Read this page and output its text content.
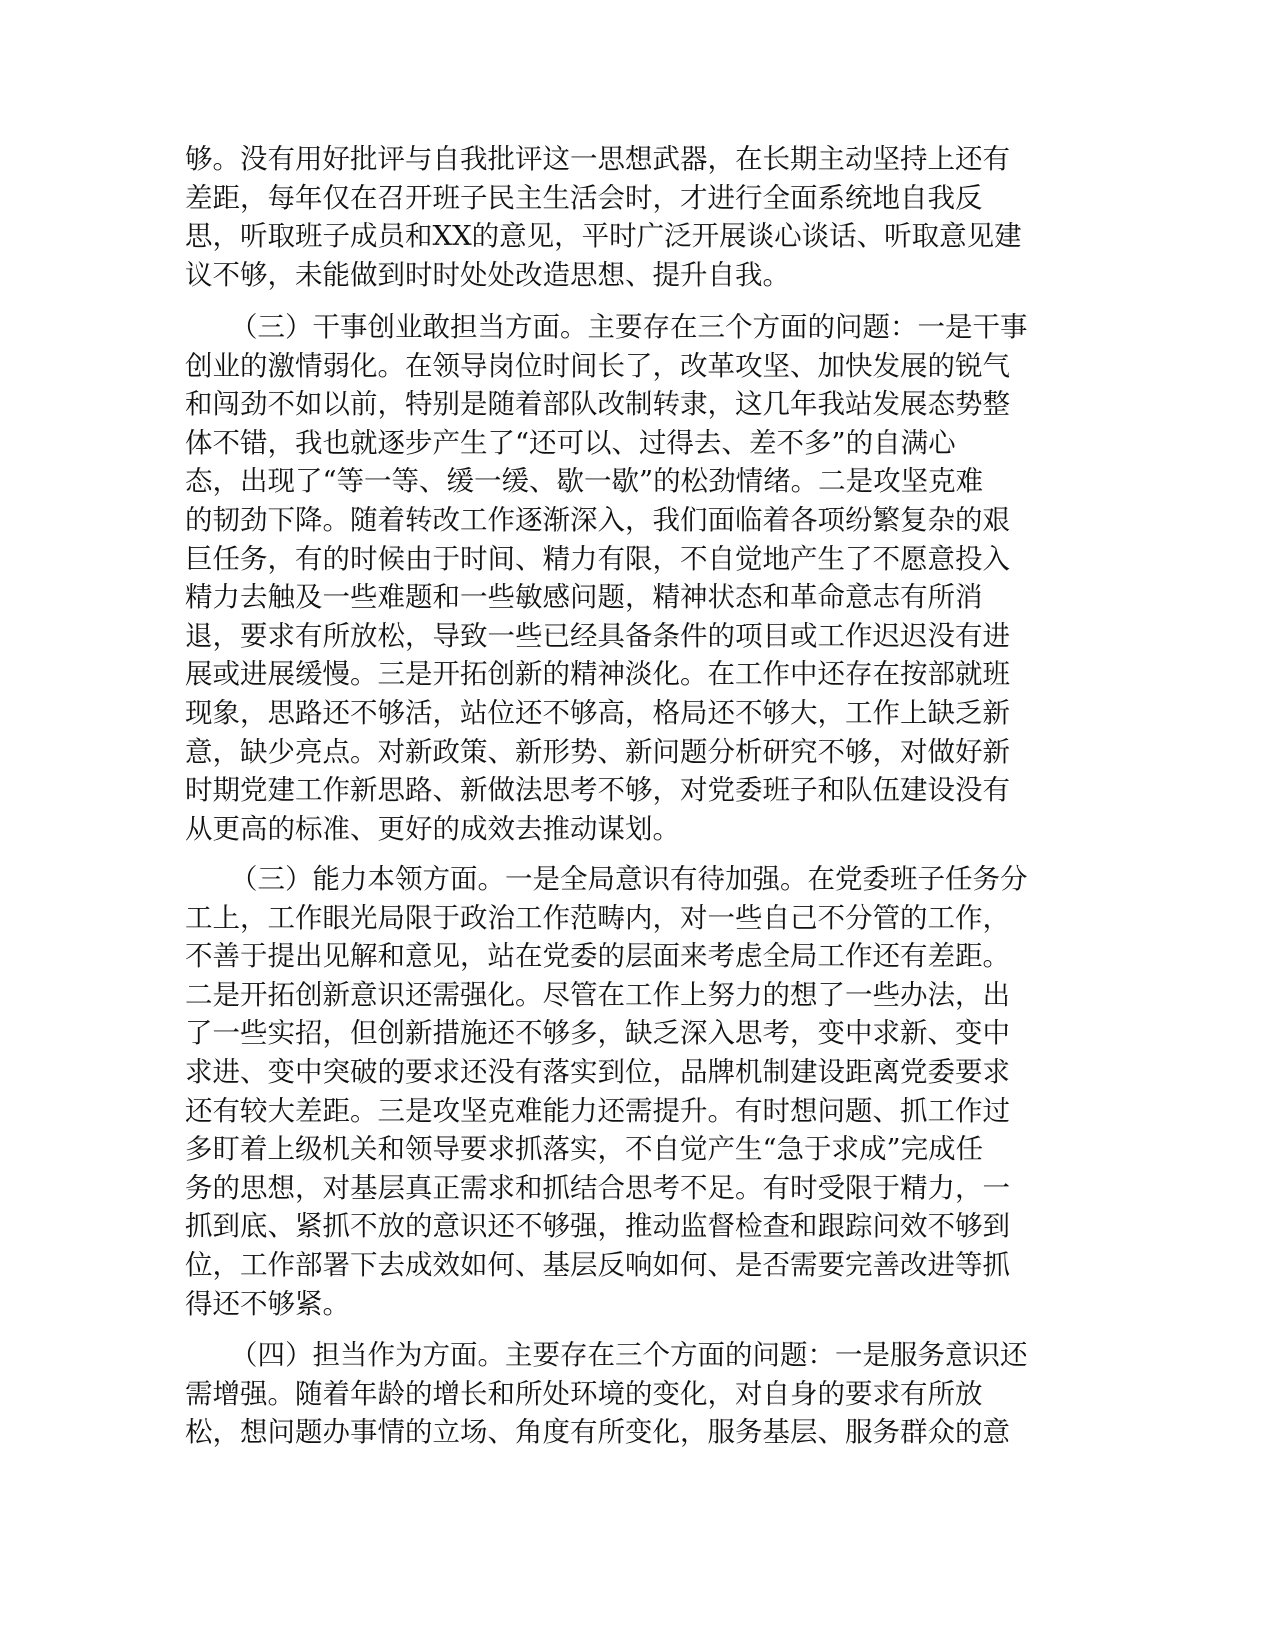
够。没有用好批评与自我批评这一思想武器，在长期主动坚持上还有
差距，每年仅在召开班子民主生活会时，才进行全面系统地自我反
思，听取班子成员和XX的意见，平时广泛开展谈心谈话、听取意见建
议不够，未能做到时时处处改造思想、提升自我。
（三）干事创业敢担当方面。主要存在三个方面的问题：一是干事
创业的激情弱化。在领导岗位时间长了，改革攻坚、加快发展的锐气
和闯劲不如以前，特别是随着部队改制转隶，这几年我站发展态势整
体不错，我也就逐步产生了“还可以、过得去、差不多”的自满心
态，出现了“等一等、缓一缓、歇一歇”的松劲情绪。二是攻坚克难
的韧劲下降。随着转改工作逐渐深入，我们面临着各项纷繁复杂的艰
巨任务，有的时候由于时间、精力有限，不自觉地产生了不愿意投入
精力去触及一些难题和一些敏感问题，精神状态和革命意志有所消
退，要求有所放松，导致一些已经具备条件的项目或工作迟迟没有进
展或进展缓慢。三是开拓创新的精神淡化。在工作中还存在按部就班
现象，思路还不够活，站位还不够高，格局还不够大，工作上缺乏新
意，缺少亮点。对新政策、新形势、新问题分析研究不够，对做好新
时期党建工作新思路、新做法思考不够，对党委班子和队伍建设没有
从更高的标准、更好的成效去推动谋划。
（三）能力本领方面。一是全局意识有待加强。在党委班子任务分
工上，工作眼光局限于政治工作范畴内，对一些自己不分管的工作，
不善于提出见解和意见，站在党委的层面来考虑全局工作还有差距。
二是开拓创新意识还需强化。尽管在工作上努力的想了一些办法，出
了一些实招，但创新措施还不够多，缺乏深入思考，变中求新、变中
求进、变中突破的要求还没有落实到位，品牌机制建设距离党委要求
还有较大差距。三是攻坚克难能力还需提升。有时想问题、抓工作过
多盯着上级机关和领导要求抓落实，不自觉产生“急于求成”完成任
务的思想，对基层真正需求和抓结合思考不足。有时受限于精力，一
抓到底、紧抓不放的意识还不够强，推动监督检查和跟踪问效不够到
位，工作部署下去成效如何、基层反响如何、是否需要完善改进等抓
得还不够紧。
（四）担当作为方面。主要存在三个方面的问题：一是服务意识还
需增强。随着年龄的增长和所处环境的变化，对自身的要求有所放
松，想问题办事情的立场、角度有所变化，服务基层、服务群众的意
